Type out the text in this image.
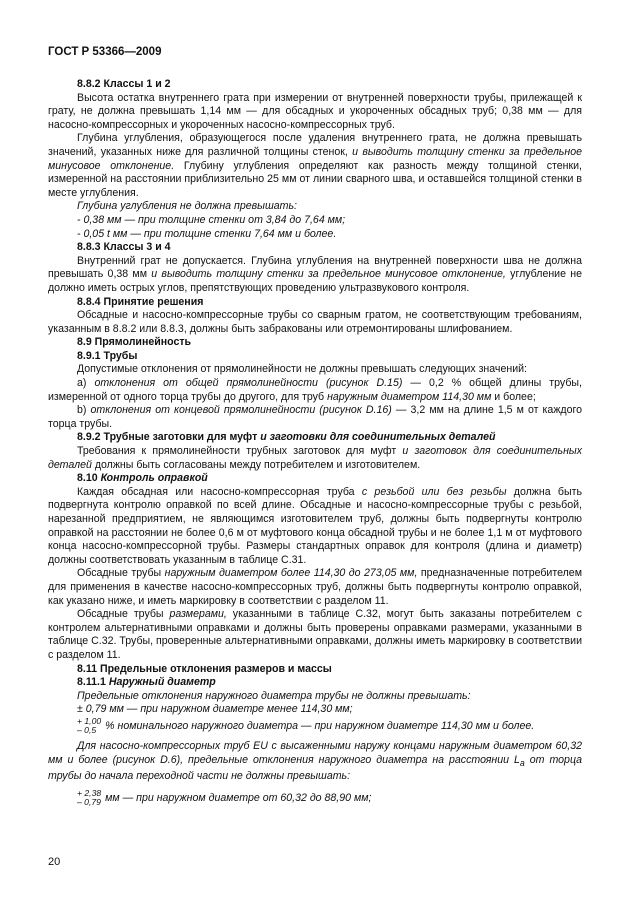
ГОСТ Р 53366—2009

8.8.2 Классы 1 и 2

Высота остатка внутреннего грата при измерении от внутренней поверхности трубы, прилежащей к грату, не должна превышать 1,14 мм — для обсадных и укороченных обсадных труб; 0,38 мм — для насосно-компрессорных и укороченных насосно-компрессорных труб.

Глубина углубления, образующегося после удаления внутреннего грата, не должна превышать значений, указанных ниже для различной толщины стенок, и выводить толщину стенки за предельное минусовое отклонение. Глубину углубления определяют как разность между толщиной стенки, измеренной на расстоянии приблизительно 25 мм от линии сварного шва, и оставшейся толщиной стенки в месте углубления.

Глубина углубления не должна превышать:

- 0,38 мм — при толщине стенки от 3,84 до 7,64 мм;

- 0,05 t мм — при толщине стенки 7,64 мм и более.

8.8.3 Классы 3 и 4

Внутренний грат не допускается. Глубина углубления на внутренней поверхности шва не должна превышать 0,38 мм и выводить толщину стенки за предельное минусовое отклонение, углубление не должно иметь острых углов, препятствующих проведению ультразвукового контроля.

8.8.4 Принятие решения

Обсадные и насосно-компрессорные трубы со сварным гратом, не соответствующим требованиям, указанным в 8.8.2 или 8.8.3, должны быть забракованы или отремонтированы шлифованием.

8.9 Прямолинейность

8.9.1 Трубы

Допустимые отклонения от прямолинейности не должны превышать следующих значений:

а) отклонения от общей прямолинейности (рисунок D.15) — 0,2 % общей длины трубы, измеренной от одного торца трубы до другого, для труб наружным диаметром 114,30 мм и более;

b) отклонения от концевой прямолинейности (рисунок D.16) — 3,2 мм на длине 1,5 м от каждого торца трубы.

8.9.2 Трубные заготовки для муфт и заготовки для соединительных деталей

Требования к прямолинейности трубных заготовок для муфт и заготовок для соединительных деталей должны быть согласованы между потребителем и изготовителем.

8.10 Контроль оправкой

Каждая обсадная или насосно-компрессорная труба с резьбой или без резьбы должна быть подвергнута контролю оправкой по всей длине. Обсадные и насосно-компрессорные трубы с резьбой, нарезанной предприятием, не являющимся изготовителем труб, должны быть подвергнуты контролю оправкой на расстоянии не более 0,6 м от муфтового конца обсадной трубы и не более 1,1 м от муфтового конца насосно-компрессорной трубы. Размеры стандартных оправок для контроля (длина и диаметр) должны соответствовать указанным в таблице С.31.

Обсадные трубы наружным диаметром более 114,30 до 273,05 мм, предназначенные потребителем для применения в качестве насосно-компрессорных труб, должны быть подвергнуты контролю оправкой, как указано ниже, и иметь маркировку в соответствии с разделом 11.

Обсадные трубы размерами, указанными в таблице С.32, могут быть заказаны потребителем с контролем альтернативными оправками и должны быть проверены оправками размерами, указанными в таблице С.32. Трубы, проверенные альтернативными оправками, должны иметь маркировку в соответствии с разделом 11.

8.11 Предельные отклонения размеров и массы

8.11.1 Наружный диаметр

Предельные отклонения наружного диаметра трубы не должны превышать:

± 0,79 мм — при наружном диаметре менее 114,30 мм;

+ 1,00
– 0,5 % номинального наружного диаметра — при наружном диаметре 114,30 мм и более.

Для насосно-компрессорных труб EU с высаженными наружу концами наружным диаметром 60,32 мм и более (рисунок D.6), предельные отклонения наружного диаметра на расстоянии $L_a$ от торца трубы до начала переходной части не должны превышать:

+ 2,38
– 0,79 мм — при наружном диаметре от 60,32 до 88,90 мм;

20
